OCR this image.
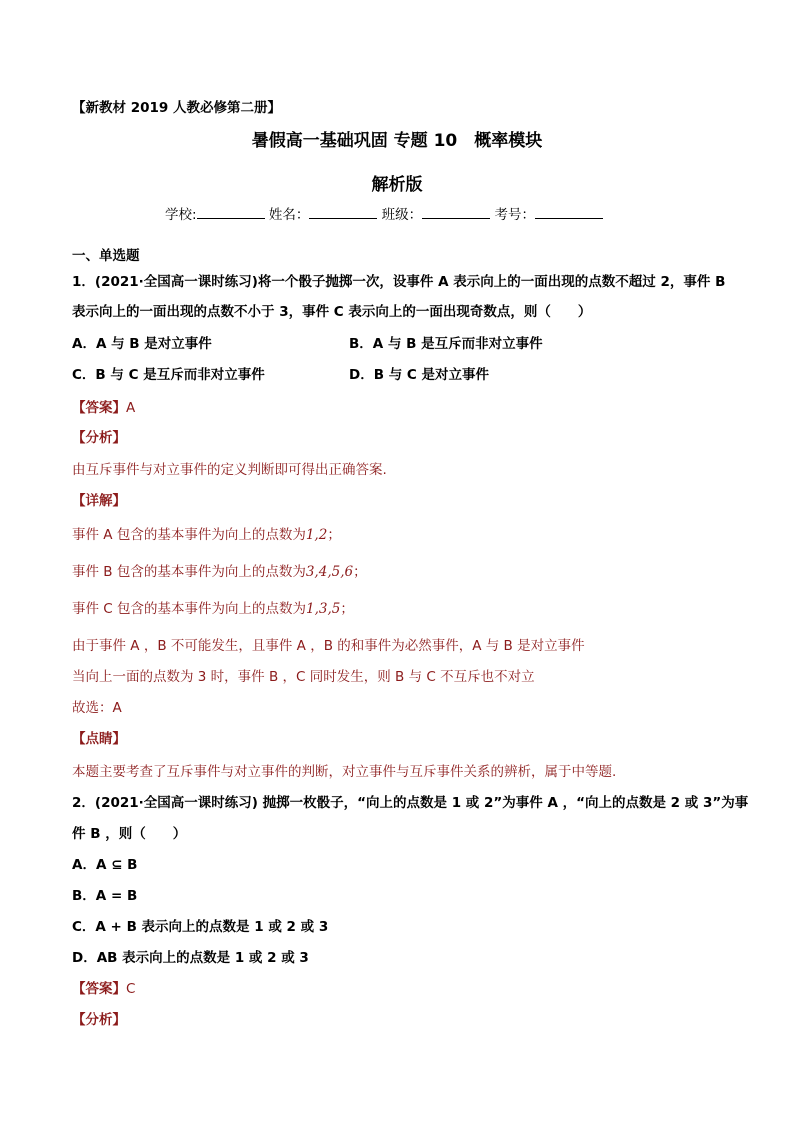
【新教材 2019 人教必修第二册】
暑假高一基础巩固 专题 10　概率模块
解析版
学校:	姓名：	班级：	考号：
一、单选题
1．(2021·全国高一课时练习)将一个骰子抛掷一次，设事件 A 表示向上的一面出现的点数不超过 2，事件 B
表示向上的一面出现的点数不小于 3，事件 C 表示向上的一面出现奇数点，则（　　）
A．A 与 B 是对立事件	B．A 与 B 是互斥而非对立事件
C．B 与 C 是互斥而非对立事件	D．B 与 C 是对立事件
【答案】A
【分析】
由互斥事件与对立事件的定义判断即可得出正确答案.
【详解】
事件 A 包含的基本事件为向上的点数为1,2；
事件 B 包含的基本事件为向上的点数为3,4,5,6；
事件 C 包含的基本事件为向上的点数为1,3,5；
由于事件 A ，B 不可能发生，且事件 A ，B 的和事件为必然事件，A 与 B 是对立事件
当向上一面的点数为 3 时，事件 B ，C 同时发生，则 B 与 C 不互斥也不对立
故选：A
【点睛】
本题主要考查了互斥事件与对立事件的判断，对立事件与互斥事件关系的辨析，属于中等题.
2．(2021·全国高一课时练习) 抛掷一枚骰子，“向上的点数是 1 或 2”为事件 A ，“向上的点数是 2 或 3”为事
件 B ，则（　　）
A．A ⊆ B
B．A = B
C．A + B 表示向上的点数是 1 或 2 或 3
D．AB 表示向上的点数是 1 或 2 或 3
【答案】C
【分析】
